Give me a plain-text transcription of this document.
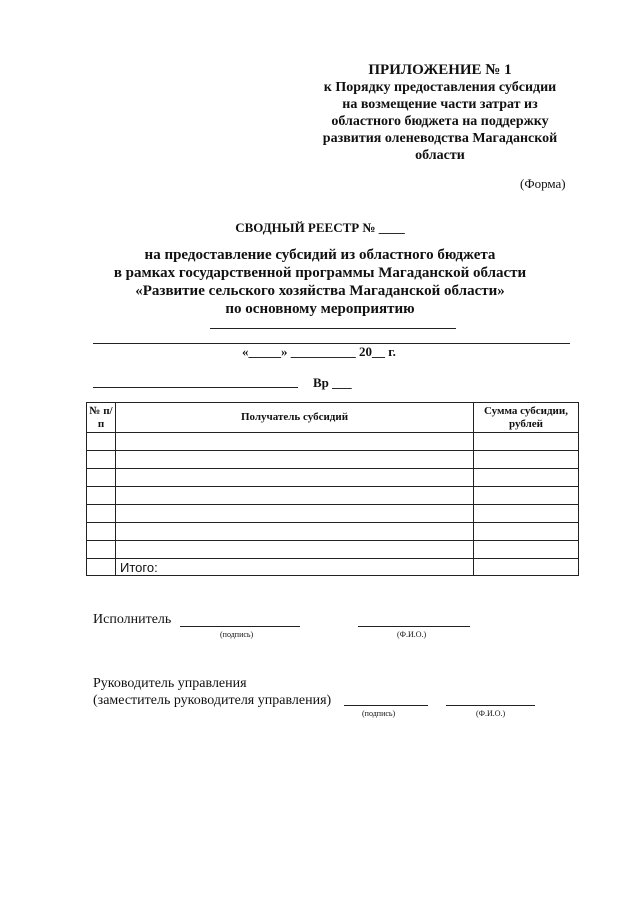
ПРИЛОЖЕНИЕ № 1
к Порядку предоставления субсидии
на возмещение части затрат из
областного бюджета на поддержку
развития оленеводства Магаданской
области
(Форма)
СВОДНЫЙ РЕЕСТР № ____
на предоставление субсидий из областного бюджета
в рамках государственной программы Магаданской области
«Развитие сельского хозяйства Магаданской области»
по основному мероприятию
«_____» __________ 20__ г.
Вр ___
№ п/п	Получатель субсидий	Сумма субсидии, рублей

	Итого:	
Исполнитель
(подпись)	(Ф.И.О.)
Руководитель управления
(заместитель руководителя управления)
(подпись)	(Ф.И.О.)
